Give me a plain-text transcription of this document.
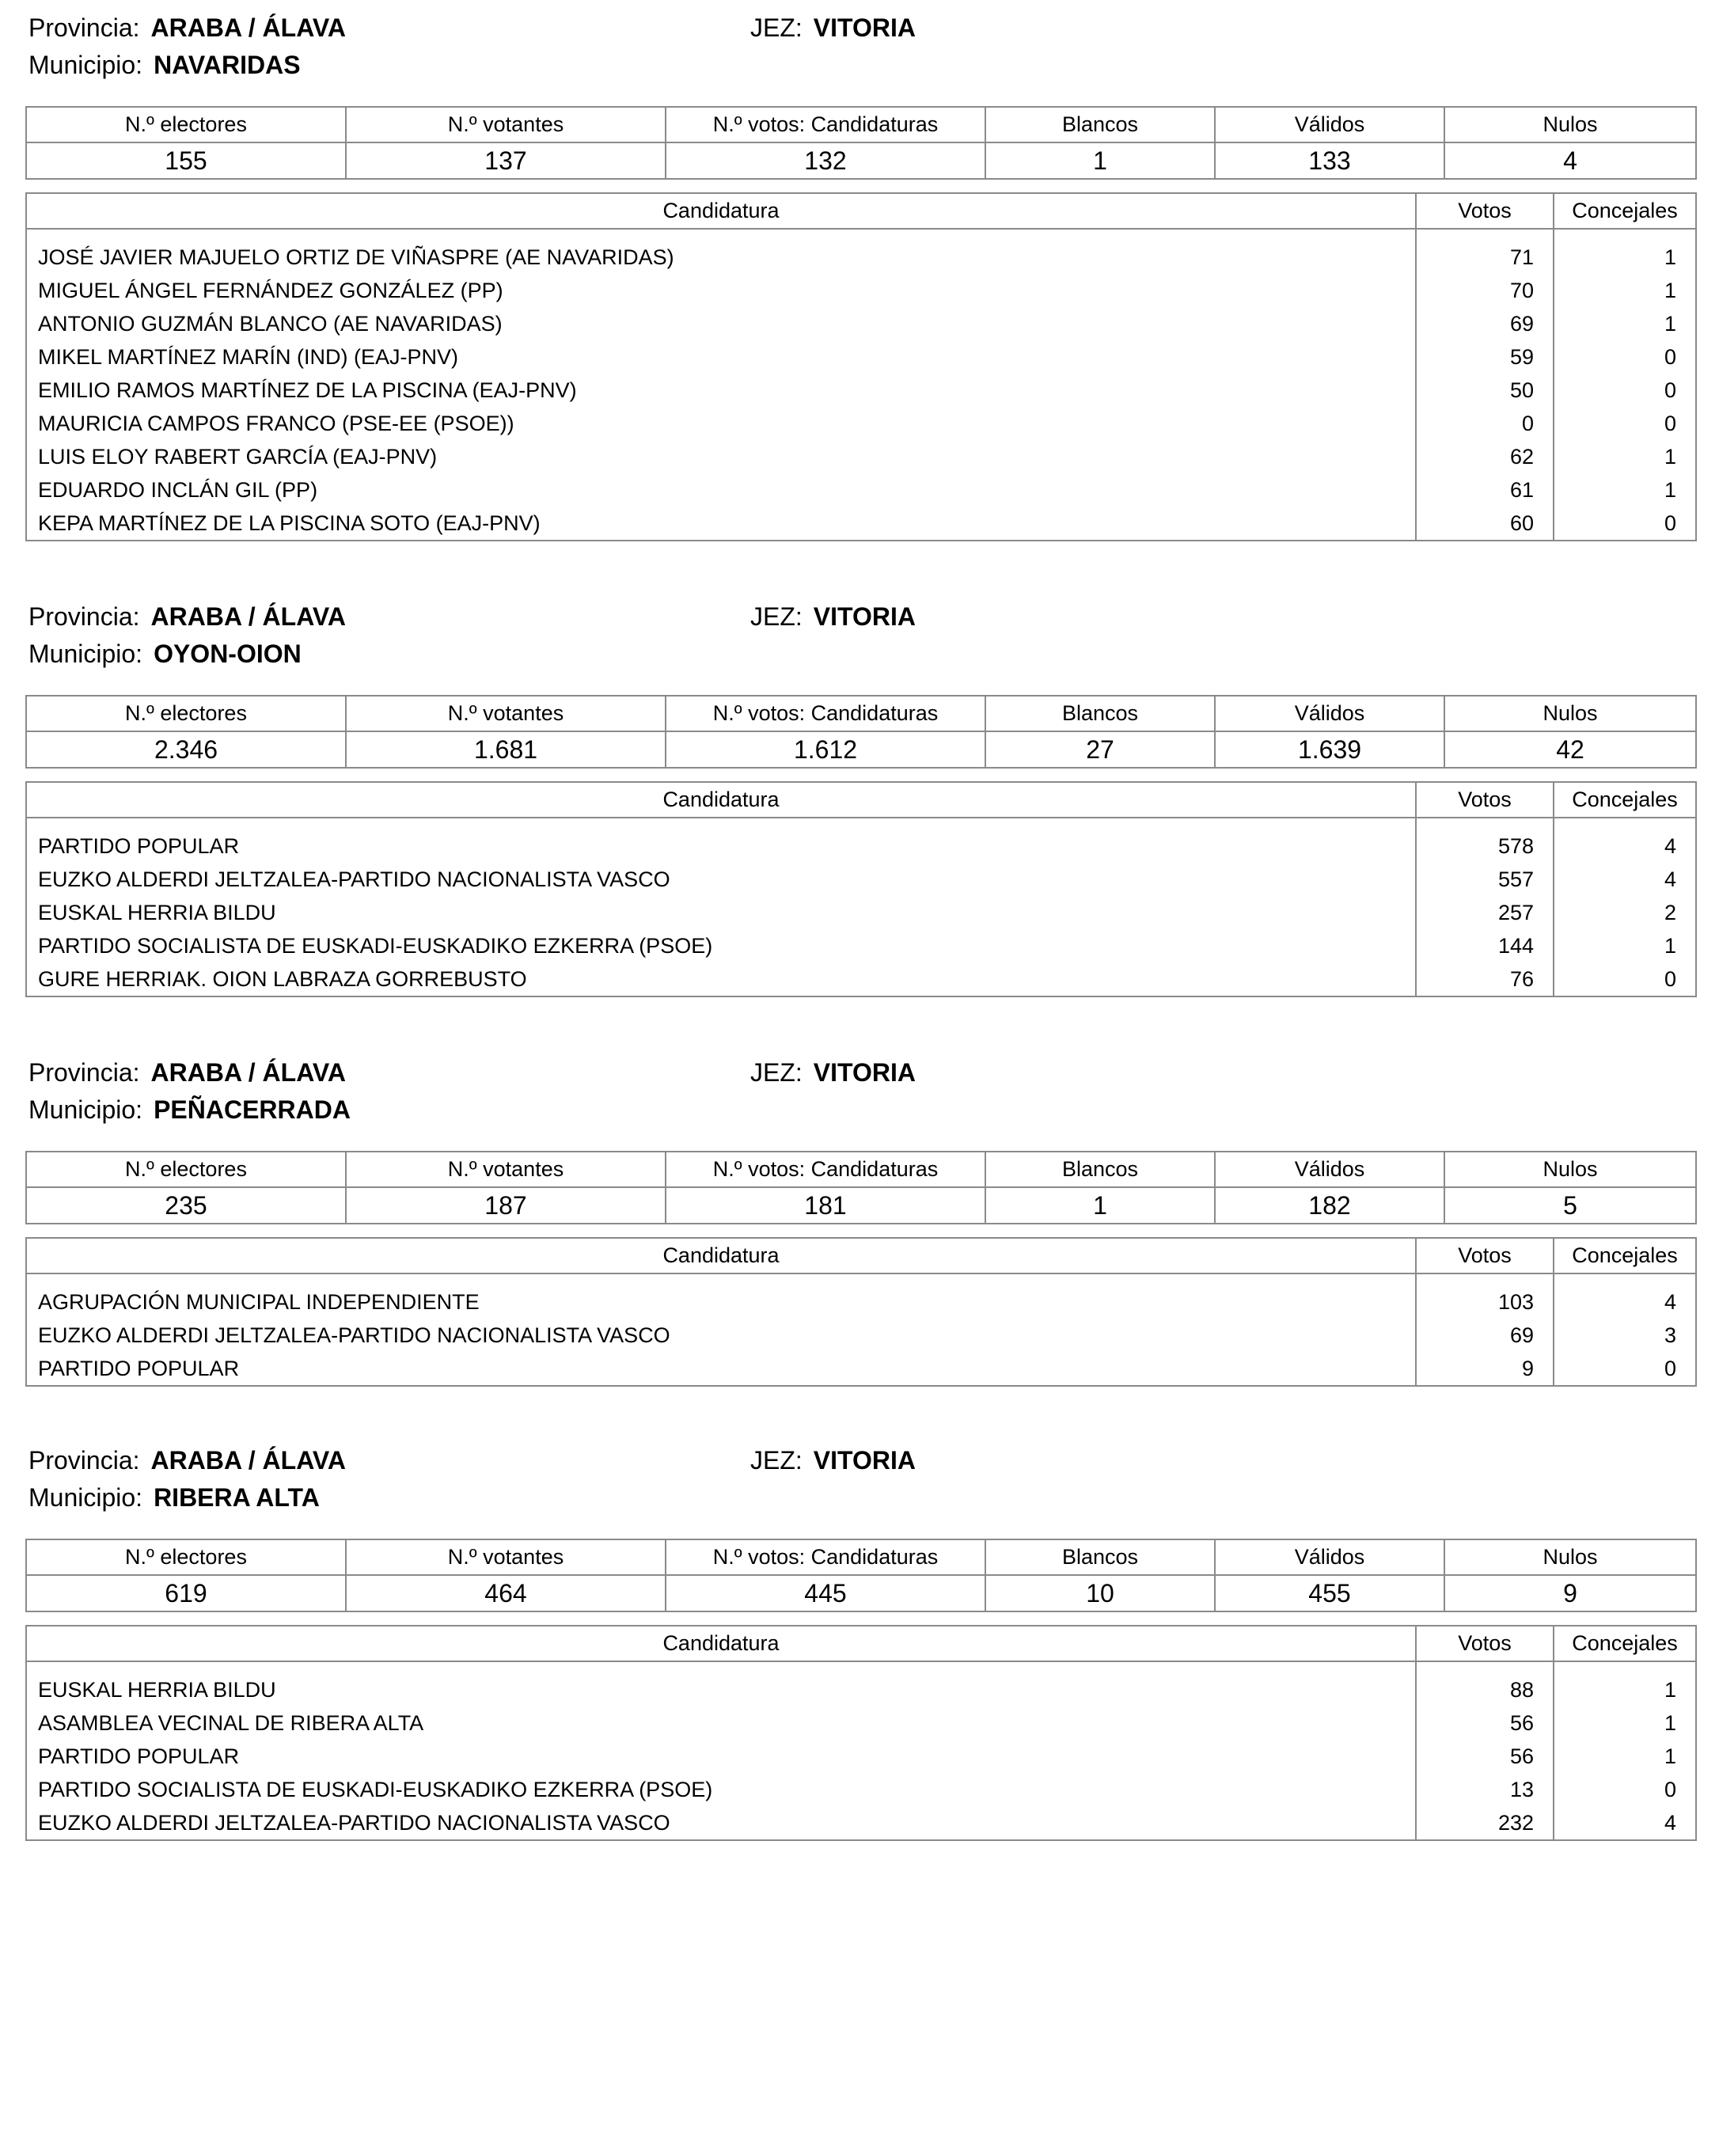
Provincia: ARABA / ÁLAVA	JEZ: VITORIA
Municipio: NAVARIDAS
N.º electores	N.º votantes	N.º votos: Candidaturas	Blancos	Válidos	Nulos
155	137	132	1	133	4
Candidatura	Votos	Concejales
JOSÉ JAVIER MAJUELO ORTIZ DE VIÑASPRE (AE NAVARIDAS)	71	1
MIGUEL ÁNGEL FERNÁNDEZ GONZÁLEZ (PP)	70	1
ANTONIO GUZMÁN BLANCO (AE NAVARIDAS)	69	1
MIKEL MARTÍNEZ MARÍN (IND) (EAJ-PNV)	59	0
EMILIO RAMOS MARTÍNEZ DE LA PISCINA (EAJ-PNV)	50	0
MAURICIA CAMPOS FRANCO (PSE-EE (PSOE))	0	0
LUIS ELOY RABERT GARCÍA (EAJ-PNV)	62	1
EDUARDO INCLÁN GIL (PP)	61	1
KEPA MARTÍNEZ DE LA PISCINA SOTO (EAJ-PNV)	60	0
Provincia: ARABA / ÁLAVA	JEZ: VITORIA
Municipio: OYON-OION
N.º electores	N.º votantes	N.º votos: Candidaturas	Blancos	Válidos	Nulos
2.346	1.681	1.612	27	1.639	42
Candidatura	Votos	Concejales
PARTIDO POPULAR	578	4
EUZKO ALDERDI JELTZALEA-PARTIDO NACIONALISTA VASCO	557	4
EUSKAL HERRIA BILDU	257	2
PARTIDO SOCIALISTA DE EUSKADI-EUSKADIKO EZKERRA (PSOE)	144	1
GURE HERRIAK. OION LABRAZA GORREBUSTO	76	0
Provincia: ARABA / ÁLAVA	JEZ: VITORIA
Municipio: PEÑACERRADA
N.º electores	N.º votantes	N.º votos: Candidaturas	Blancos	Válidos	Nulos
235	187	181	1	182	5
Candidatura	Votos	Concejales
AGRUPACIÓN MUNICIPAL INDEPENDIENTE	103	4
EUZKO ALDERDI JELTZALEA-PARTIDO NACIONALISTA VASCO	69	3
PARTIDO POPULAR	9	0
Provincia: ARABA / ÁLAVA	JEZ: VITORIA
Municipio: RIBERA ALTA
N.º electores	N.º votantes	N.º votos: Candidaturas	Blancos	Válidos	Nulos
619	464	445	10	455	9
Candidatura	Votos	Concejales
EUSKAL HERRIA BILDU	88	1
ASAMBLEA VECINAL DE RIBERA ALTA	56	1
PARTIDO POPULAR	56	1
PARTIDO SOCIALISTA DE EUSKADI-EUSKADIKO EZKERRA (PSOE)	13	0
EUZKO ALDERDI JELTZALEA-PARTIDO NACIONALISTA VASCO	232	4
